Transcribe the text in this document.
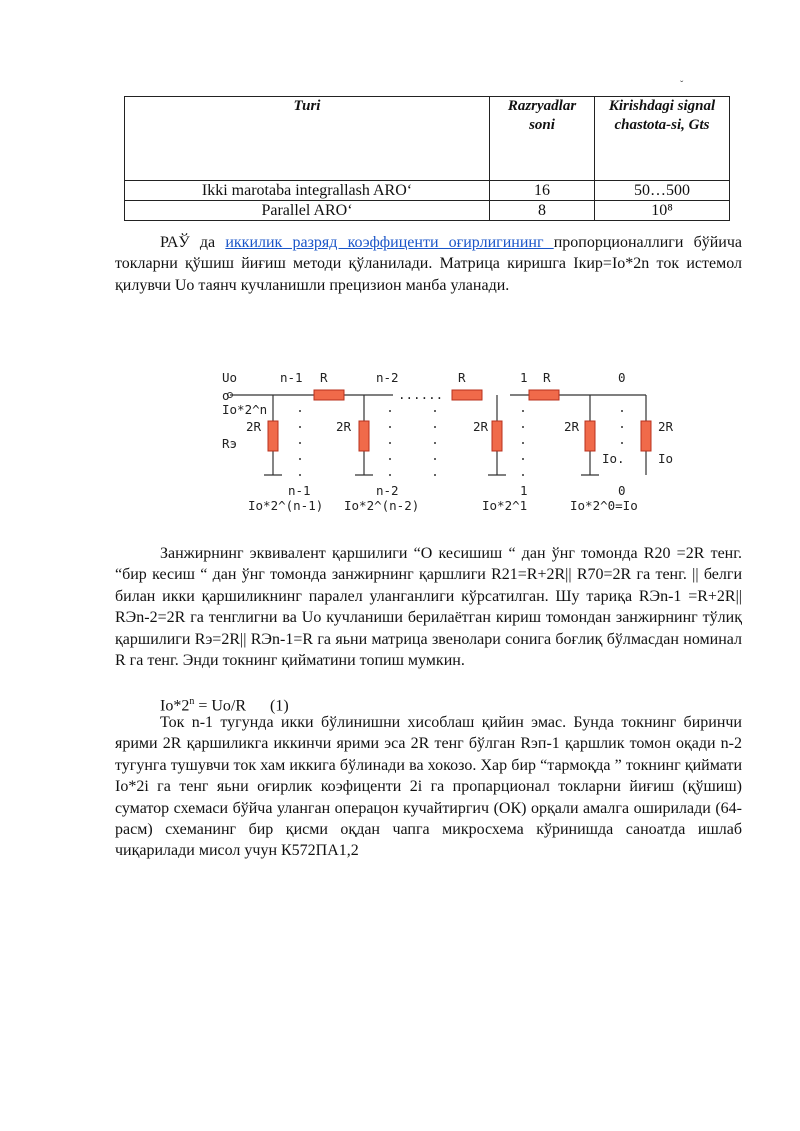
ˇ
Turi	Razryadlar soni	Kirishdagi signal chastota-si, Gts
Ikki marotaba integrallash ARO‘	16	50…500
Parallel ARO‘	8	10⁸
РАЎ да иккилик разряд коэффиценти оғирлигининг пропорционаллиги бўйича токларни қўшиш йиғиш методи қўланилади. Матрица киришга Iкир=Io*2n ток истемол қилувчи Uo таянч кучланишли прецизион манба уланади.
Uo
o
Io*2^n
Rэ
n-1 R	n-2
......
R	1 R	0
2R	2R	2R	2R	2R
Io.	Io
n-1	n-2	1	0
Io*2^(n-1) Io*2^(n-2)	Io*2^1	Io*2^0=Io
Занжирнинг эквивалент қаршилиги “O кесишиш “ дан ўнг томонда R20 =2R тенг. “бир кесиш “ дан ўнг томонда занжирнинг қаршлиги R21=R+2R|| R70=2R га тенг. || белги билан икки қаршиликнинг паралел уланганлиги кўрсатилган. Шу тариқа RЭn-1 =R+2R|| RЭn-2=2R га тенглигни ва Uo кучланиши берилаётган кириш томондан занжирнинг тўлиқ қаршилиги Rэ=2R|| RЭn-1=R га яьни матрица звенолари сонига боғлиқ бўлмасдан номинал R га тенг. Энди токнинг қийматини топиш мумкин.
$Io*2^n = Uo/R$      (1)
Ток n-1 тугунда икки бўлинишни хисоблаш қийин эмас. Бунда токнинг биринчи ярими 2R қаршиликга иккинчи ярими эса 2R тенг бўлган Rэп-1 қаршлик томон оқади n-2 тугунга тушувчи ток хам иккига бўлинади ва хокозо. Хар бир “тармоқда ” токнинг қиймати Io*2i га тенг яьни оғирлик коэфиценти 2i га пропарционал токларни йиғиш (қўшиш) суматор схемаси бўйча уланган операцон кучайтиргич (ОК) орқали амалга оширилади (64-расм) схеманинг бир қисми оқдан чапга микросхема кўринишда саноатда ишлаб чиқарилади мисол учун К572ПА1,2
